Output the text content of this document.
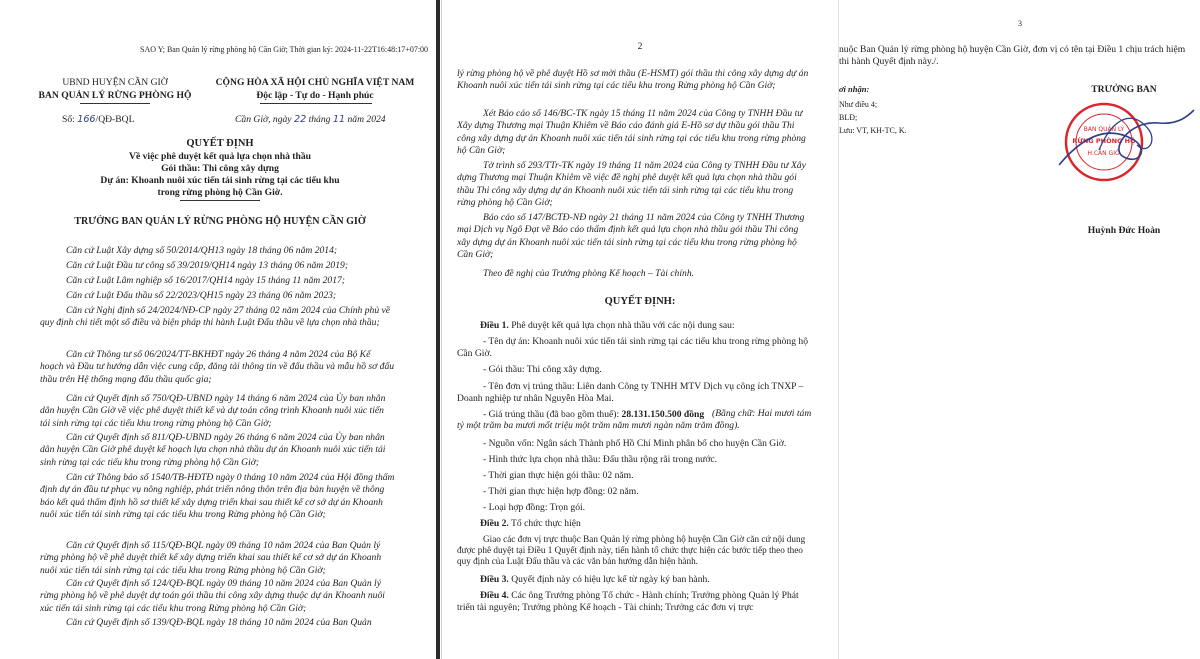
SAO Y; Ban Quản lý rừng phòng hộ Cần Giờ; Thời gian ký: 2024-11-22T16:48:17+07:00
UBND HUYỆN CẦN GIỜ
BAN QUẢN LÝ RỪNG PHÒNG HỘ
CỘNG HÒA XÃ HỘI CHỦ NGHĨA VIỆT NAM
Độc lập - Tự do - Hạnh phúc
Số: 166/QĐ-BQL	Cần Giờ, ngày 22 tháng 11 năm 2024
QUYẾT ĐỊNH
Về việc phê duyệt kết quả lựa chọn nhà thầu
Gói thầu: Thi công xây dựng
Dự án: Khoanh nuôi xúc tiến tái sinh rừng tại các tiểu khu
trong rừng phòng hộ Cần Giờ.
TRƯỞNG BAN QUẢN LÝ RỪNG PHÒNG HỘ HUYỆN CẦN GIỜ
Căn cứ Luật Xây dựng số 50/2014/QH13 ngày 18 tháng 06 năm 2014;
Căn cứ Luật Đầu tư công số 39/2019/QH14 ngày 13 tháng 06 năm 2019;
Căn cứ Luật Lâm nghiệp số 16/2017/QH14 ngày 15 tháng 11 năm 2017;
Căn cứ Luật Đấu thầu số 22/2023/QH15 ngày 23 tháng 06 năm 2023;
Căn cứ Nghị định số 24/2024/NĐ-CP ngày 27 tháng 02 năm 2024 của Chính phủ về quy định chi tiết một số điều và biện pháp thi hành Luật Đấu thầu về lựa chọn nhà thầu;
Căn cứ Thông tư số 06/2024/TT-BKHĐT ngày 26 tháng 4 năm 2024 của Bộ Kế hoạch và Đầu tư hướng dẫn việc cung cấp, đăng tải thông tin về đấu thầu và mẫu hồ sơ đấu thầu trên Hệ thống mạng đấu thầu quốc gia;
Căn cứ Quyết định số 750/QĐ-UBND ngày 14 tháng 6 năm 2024 của Ủy ban nhân dân huyện Cần Giờ về việc phê duyệt thiết kế và dự toán công trình Khoanh nuôi xúc tiến tái sinh rừng tại các tiểu khu trong rừng phòng hộ Cần Giờ;
Căn cứ Quyết định số 811/QĐ-UBND ngày 26 tháng 6 năm 2024 của Ủy ban nhân dân huyện Cần Giờ phê duyệt kế hoạch lựa chọn nhà thầu dự án Khoanh nuôi xúc tiến tái sinh rừng tại các tiểu khu trong rừng phòng hộ Cần Giờ;
Căn cứ Thông báo số 1540/TB-HĐTĐ ngày 0 tháng 10 năm 2024 của Hội đồng thẩm định dự án đầu tư phục vụ nông nghiệp, phát triển nông thôn trên địa bàn huyện về thông báo kết quả thẩm định hồ sơ thiết kế xây dựng triển khai sau thiết kế cơ sở dự án Khoanh nuôi xúc tiến tái sinh rừng tại các tiểu khu trong Rừng phòng hộ Cần Giờ;
Căn cứ Quyết định số 115/QĐ-BQL ngày 09 tháng 10 năm 2024 của Ban Quản lý rừng phòng hộ về phê duyệt thiết kế xây dựng triển khai sau thiết kế cơ sở dự án Khoanh nuôi xúc tiến tái sinh rừng tại các tiểu khu trong Rừng phòng hộ Cần Giờ;
Căn cứ Quyết định số 124/QĐ-BQL ngày 09 tháng 10 năm 2024 của Ban Quản lý rừng phòng hộ về phê duyệt dự toán gói thầu thi công xây dựng thuộc dự án Khoanh nuôi xúc tiến tái sinh rừng tại các tiểu khu trong Rừng phòng hộ Cần Giờ;
Căn cứ Quyết định số 139/QĐ-BQL ngày 18 tháng 10 năm 2024 của Ban Quản
2
lý rừng phòng hộ về phê duyệt Hồ sơ mời thầu (E-HSMT) gói thầu thi công xây dựng dự án Khoanh nuôi xúc tiến tái sinh rừng tại các tiểu khu trong Rừng phòng hộ Cần Giờ;
Xét Báo cáo số 146/BC-TK ngày 15 tháng 11 năm 2024 của Công ty TNHH Đầu tư Xây dựng Thương mại Thuận Khiêm về Báo cáo đánh giá E-Hồ sơ dự thầu gói thầu Thi công xây dựng dự án Khoanh nuôi xúc tiến tái sinh rừng tại các tiểu khu trong rừng phòng hộ Cần Giờ;
Tờ trình số 293/TTr-TK ngày 19 tháng 11 năm 2024 của Công ty TNHH Đầu tư Xây dựng Thương mại Thuận Khiêm về việc đề nghị phê duyệt kết quả lựa chọn nhà thầu gói thầu Thi công xây dựng dự án Khoanh nuôi xúc tiến tái sinh rừng tại các tiểu khu trong rừng phòng hộ Cần Giờ;
Báo cáo số 147/BCTĐ-NĐ ngày 21 tháng 11 năm 2024 của Công ty TNHH Thương mại Dịch vụ Ngô Đạt về Báo cáo thẩm định kết quả lựa chọn nhà thầu gói thầu Thi công xây dựng dự án Khoanh nuôi xúc tiến tái sinh rừng tại các tiểu khu trong rừng phòng hộ Cần Giờ;
Theo đề nghị của Trưởng phòng Kế hoạch – Tài chính.
QUYẾT ĐỊNH:
Điều 1. Phê duyệt kết quả lựa chọn nhà thầu với các nội dung sau:
- Tên dự án: Khoanh nuôi xúc tiến tái sinh rừng tại các tiểu khu trong rừng phòng hộ Cần Giờ.
- Gói thầu: Thi công xây dựng.
- Tên đơn vị trúng thầu: Liên danh Công ty TNHH MTV Dịch vụ công ích TNXP – Doanh nghiệp tư nhân Nguyễn Hòa Mai.
- Giá trúng thầu (đã bao gồm thuế): 28.131.150.500 đồng (Bằng chữ: Hai mươi tám tỷ một trăm ba mươi mốt triệu một trăm năm mươi ngàn năm trăm đồng).
- Nguồn vốn: Ngân sách Thành phố Hồ Chí Minh phân bổ cho huyện Cần Giờ.
- Hình thức lựa chọn nhà thầu: Đấu thầu rộng rãi trong nước.
- Thời gian thực hiện gói thầu: 02 năm.
- Thời gian thực hiện hợp đồng: 02 năm.
- Loại hợp đồng: Trọn gói.
Điều 2. Tổ chức thực hiện
Giao các đơn vị trực thuộc Ban Quản lý rừng phòng hộ huyện Cần Giờ căn cứ nội dung được phê duyệt tại Điều 1 Quyết định này, tiến hành tổ chức thực hiện các bước tiếp theo theo quy định của Luật Đấu thầu và các văn bản hướng dẫn hiện hành.
Điều 3. Quyết định này có hiệu lực kể từ ngày ký ban hành.
Điều 4. Các ông Trưởng phòng Tổ chức - Hành chính; Trưởng phòng Quản lý Phát triển tài nguyên; Trưởng phòng Kế hoạch - Tài chính; Trưởng các đơn vị trực
3
nuộc Ban Quản lý rừng phòng hộ huyện Cần Giờ, đơn vị có tên tại Điều 1 chịu trách hiệm thi hành Quyết định này./.
ơi nhận:
Như điều 4;
BLĐ;
Lưu: VT, KH-TC, K.
TRƯỞNG BAN
BAN QUẢN LÝ
RỪNG PHÒNG HỘ
H.CẦN GIỜ
Huỳnh Đức Hoàn
